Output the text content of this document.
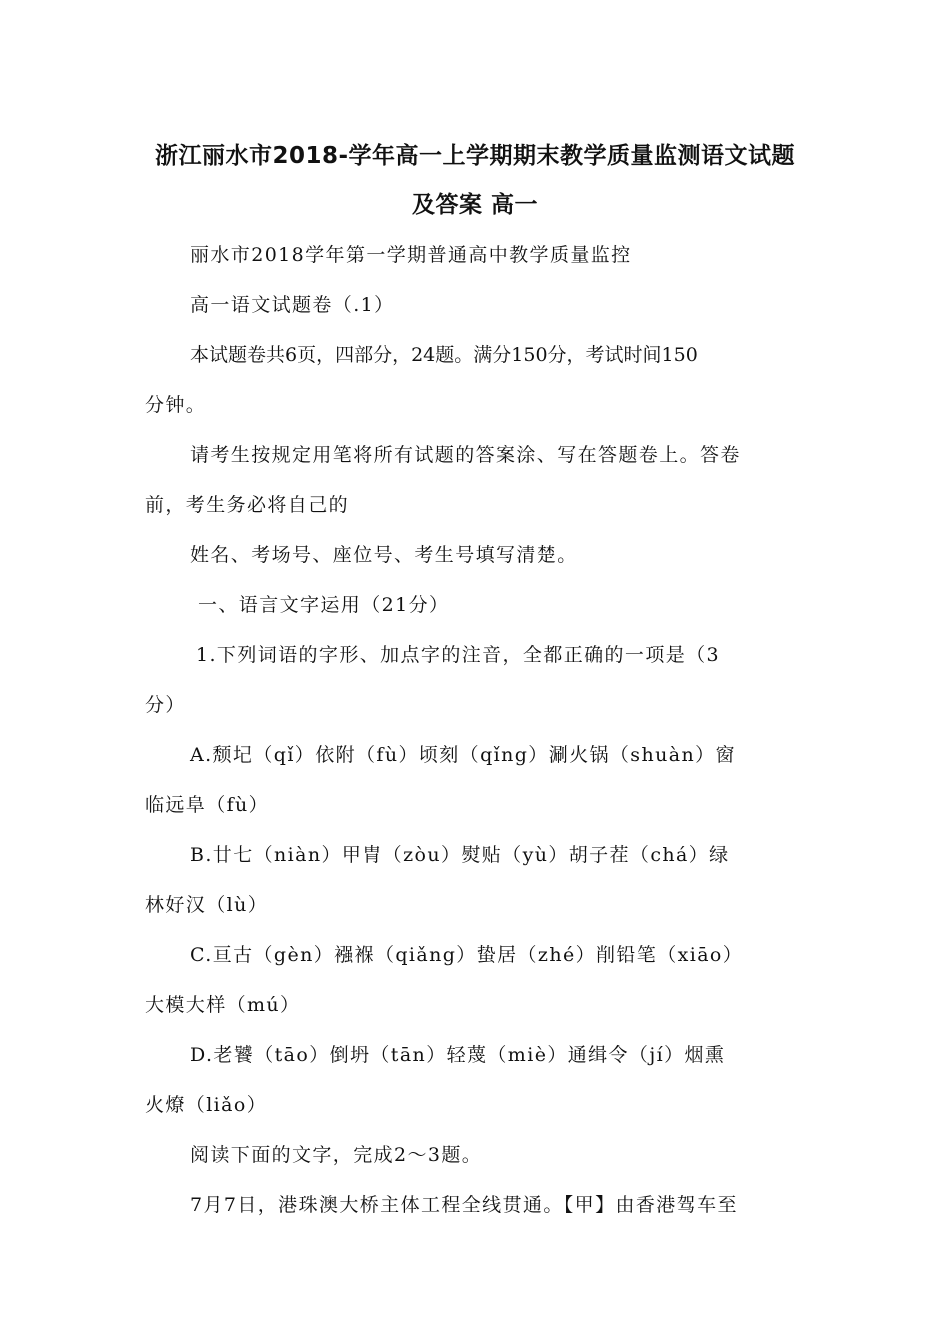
浙江丽水市2018-学年高一上学期期末教学质量监测语文试题
及答案 高一
丽水市2018学年第一学期普通高中教学质量监控
高一语文试题卷（.1）
本试题卷共6页，四部分，24题。满分150分，考试时间150
分钟。
请考生按规定用笔将所有试题的答案涂、写在答题卷上。答卷
前，考生务必将自己的
姓名、考场号、座位号、考生号填写清楚。
一、语言文字运用（21分）
1.下列词语的字形、加点字的注音，全都正确的一项是（3
分）
A.颓圮（qǐ）依附（fù）顷刻（qǐng）涮火锅（shuàn）窗
临远阜（fù）
B.廿七（niàn）甲胄（zòu）熨贴（yù）胡子茬（chá）绿
林好汉（lù）
C.亘古（gèn）襁褓（qiǎng）蛰居（zhé）削铅笔（xiāo）
大模大样（mú）
D.老饕（tāo）倒坍（tān）轻蔑（miè）通缉令（jí）烟熏
火燎（liǎo）
阅读下面的文字，完成2～3题。
7月7日，港珠澳大桥主体工程全线贯通。【甲】由香港驾车至
